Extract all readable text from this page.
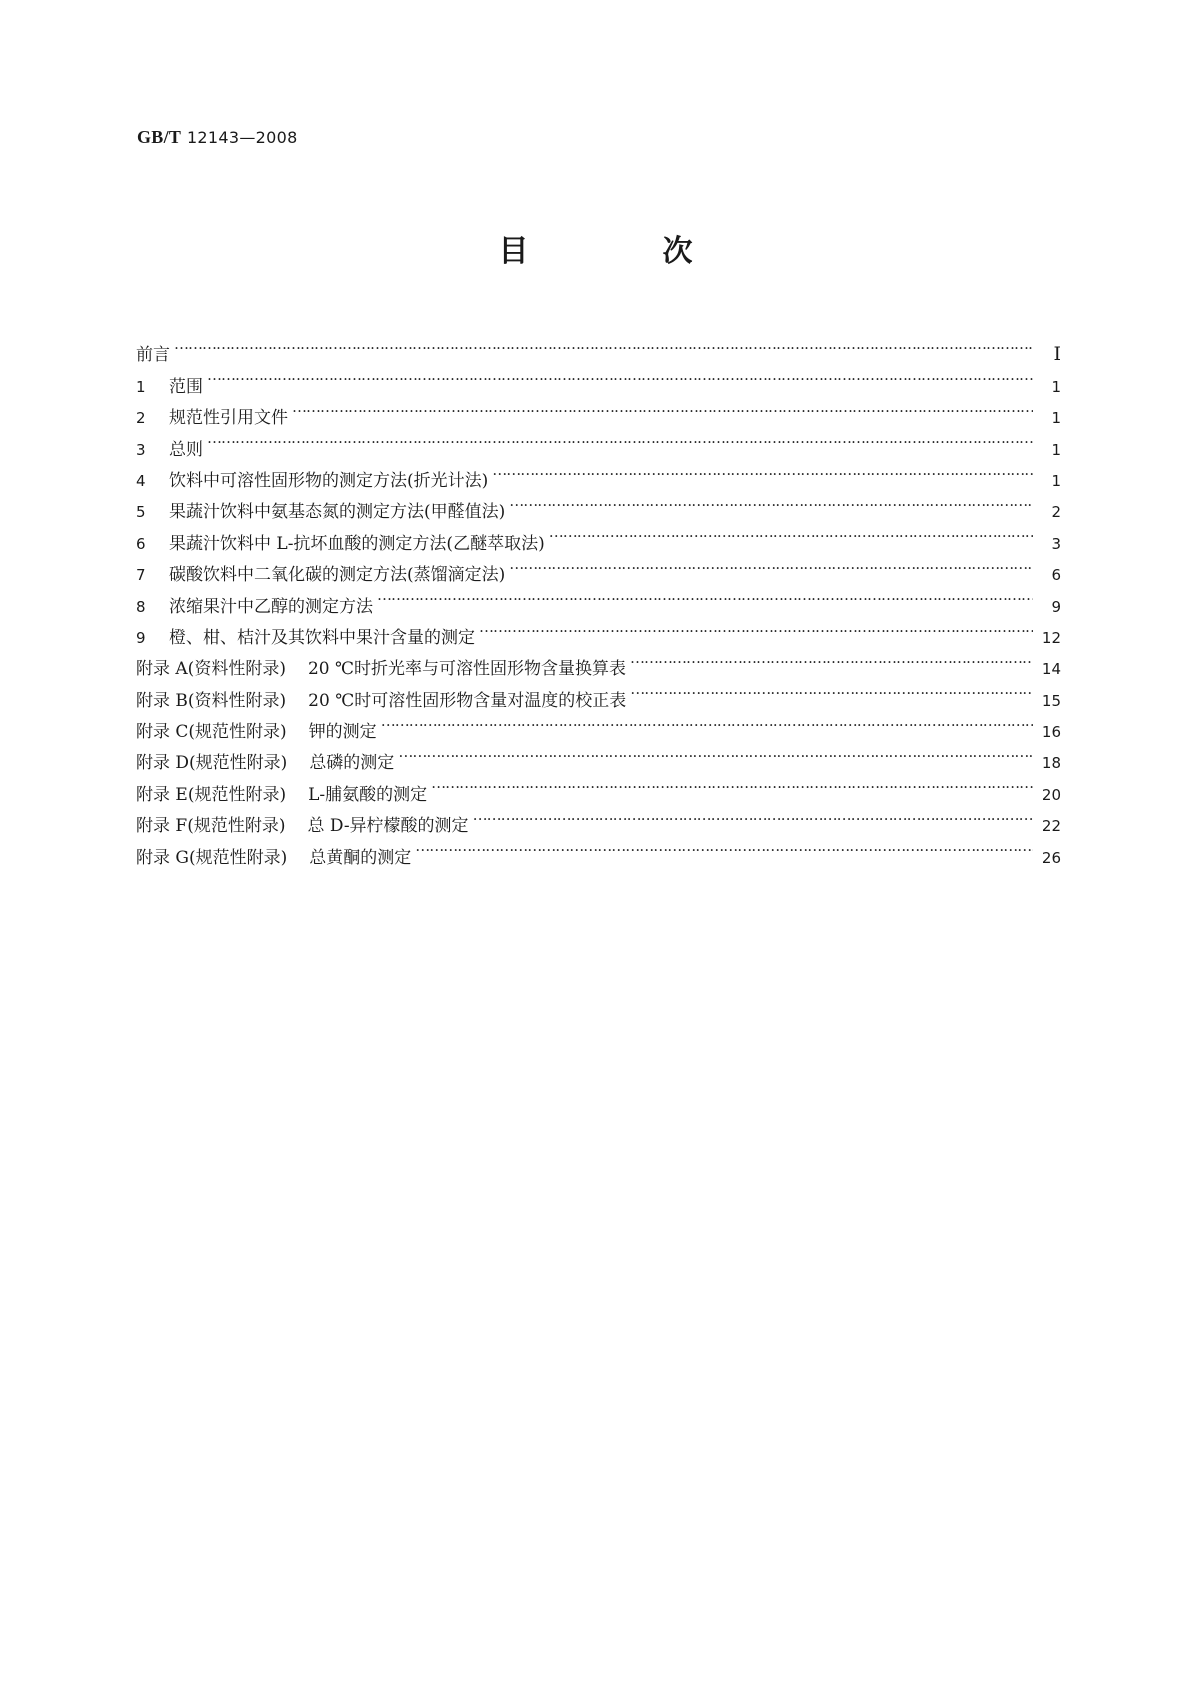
GB/T 12143—2008
目　次
前言 …………………………………………………………………………………………………………………………………………………………………………………………………………	Ⅰ
1	范围 …………………………………………………………………………………………………………………………………………………………………………………………………………	1
2	规范性引用文件 …………………………………………………………………………………………………………………………………………………………………………………………………………	1
3	总则 …………………………………………………………………………………………………………………………………………………………………………………………………………	1
4	饮料中可溶性固形物的测定方法(折光计法) …………………………………………………………………………………………………………………………………………………………………………………………………………	1
5	果蔬汁饮料中氨基态氮的测定方法(甲醛值法) …………………………………………………………………………………………………………………………………………………………………………………………………………	2
6	果蔬汁饮料中 L-抗坏血酸的测定方法(乙醚萃取法) …………………………………………………………………………………………………………………………………………………………………………………………………………	3
7	碳酸饮料中二氧化碳的测定方法(蒸馏滴定法) …………………………………………………………………………………………………………………………………………………………………………………………………………	6
8	浓缩果汁中乙醇的测定方法 …………………………………………………………………………………………………………………………………………………………………………………………………………	9
9	橙、柑、桔汁及其饮料中果汁含量的测定 …………………………………………………………………………………………………………………………………………………………………………………………………………	12
附录 A(资料性附录)	20 ℃时折光率与可溶性固形物含量换算表 …………………………………………………………………………………………………………………………………………………………………………………………………………	14
附录 B(资料性附录)	20 ℃时可溶性固形物含量对温度的校正表 …………………………………………………………………………………………………………………………………………………………………………………………………………	15
附录 C(规范性附录)	钾的测定 …………………………………………………………………………………………………………………………………………………………………………………………………………	16
附录 D(规范性附录)	总磷的测定 …………………………………………………………………………………………………………………………………………………………………………………………………………	18
附录 E(规范性附录)	L-脯氨酸的测定 …………………………………………………………………………………………………………………………………………………………………………………………………………	20
附录 F(规范性附录)	总 D-异柠檬酸的测定 …………………………………………………………………………………………………………………………………………………………………………………………………………	22
附录 G(规范性附录)	总黄酮的测定 …………………………………………………………………………………………………………………………………………………………………………………………………………	26
